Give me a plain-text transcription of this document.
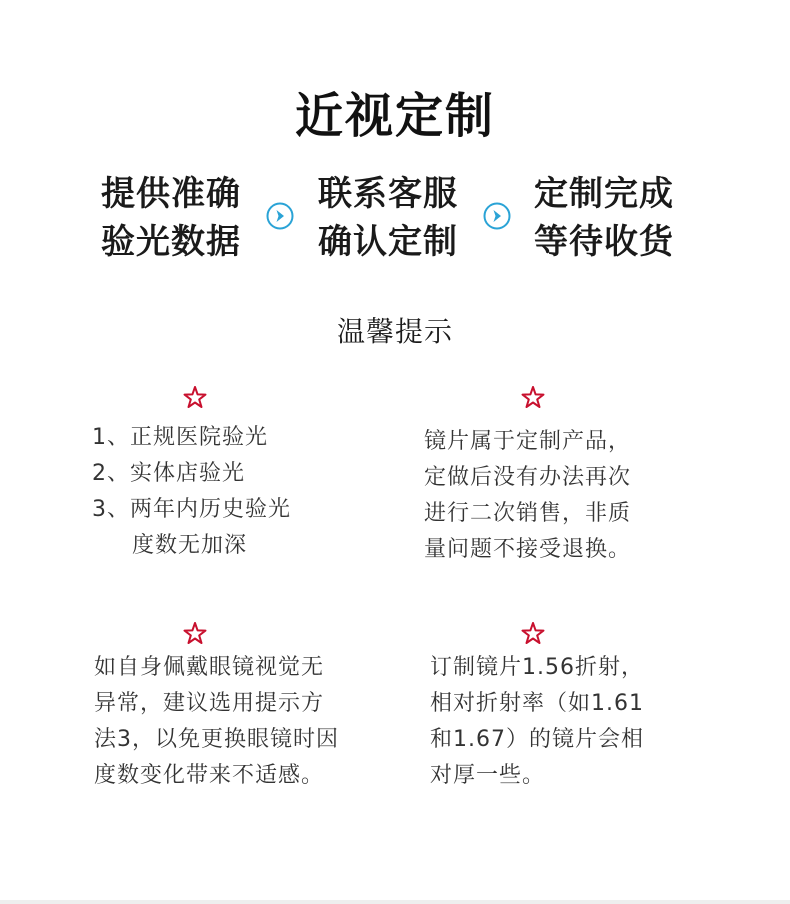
近视定制
提供准确
验光数据
联系客服
确认定制
定制完成
等待收货
温馨提示
1、正规医院验光
2、实体店验光
3、两年内历史验光
度数无加深
镜片属于定制产品，
定做后没有办法再次
进行二次销售，非质
量问题不接受退换。
如自身佩戴眼镜视觉无
异常，建议选用提示方
法3，以免更换眼镜时因
度数变化带来不适感。
订制镜片1.56折射，
相对折射率（如1.61
和1.67）的镜片会相
对厚一些。
